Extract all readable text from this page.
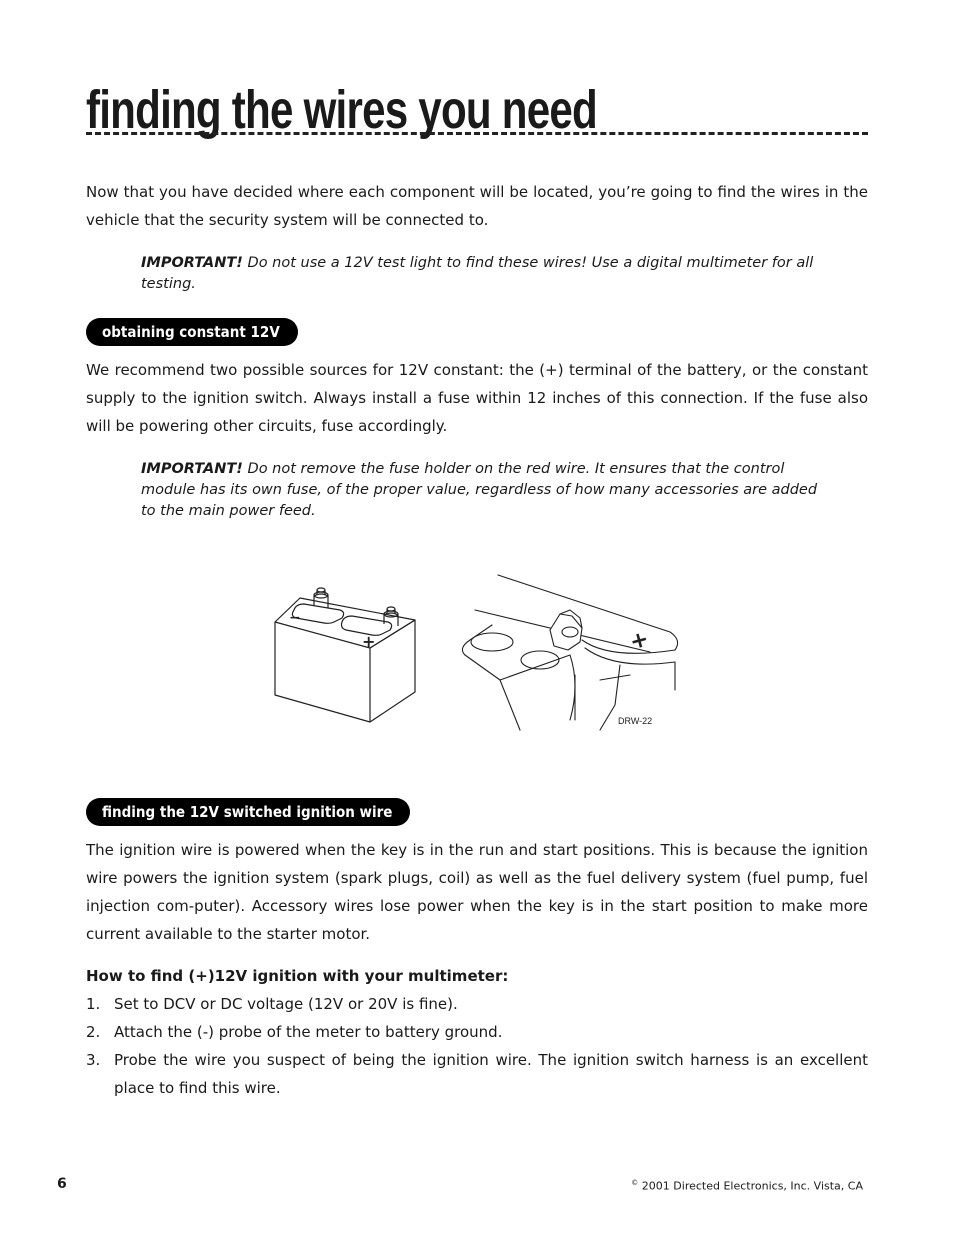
finding the wires you need

Now that you have decided where each component will be located, you’re going to find the wires in the vehicle that the security system will be connected to.

IMPORTANT! Do not use a 12V test light to find these wires! Use a digital multimeter for all testing.

obtaining constant 12V

We recommend two possible sources for 12V constant: the (+) terminal of the battery, or the constant supply to the ignition switch. Always install a fuse within 12 inches of this connection. If the fuse also will be powering other circuits, fuse accordingly.

IMPORTANT! Do not remove the fuse holder on the red wire. It ensures that the control module has its own fuse, of the proper value, regardless of how many accessories are added to the main power feed.

−
+	+
DRW-22
finding the 12V switched ignition wire

The ignition wire is powered when the key is in the run and start positions. This is because the ignition wire powers the ignition system (spark plugs, coil) as well as the fuel delivery system (fuel pump, fuel injection com-puter). Accessory wires lose power when the key is in the start position to make more current available to the starter motor.

How to find (+)12V ignition with your multimeter:

1. Set to DCV or DC voltage (12V or 20V is fine).
2. Attach the (-) probe of the meter to battery ground.
3. Probe the wire you suspect of being the ignition wire. The ignition switch harness is an excellent place to find this wire.
6	© 2001 Directed Electronics, Inc. Vista, CA
